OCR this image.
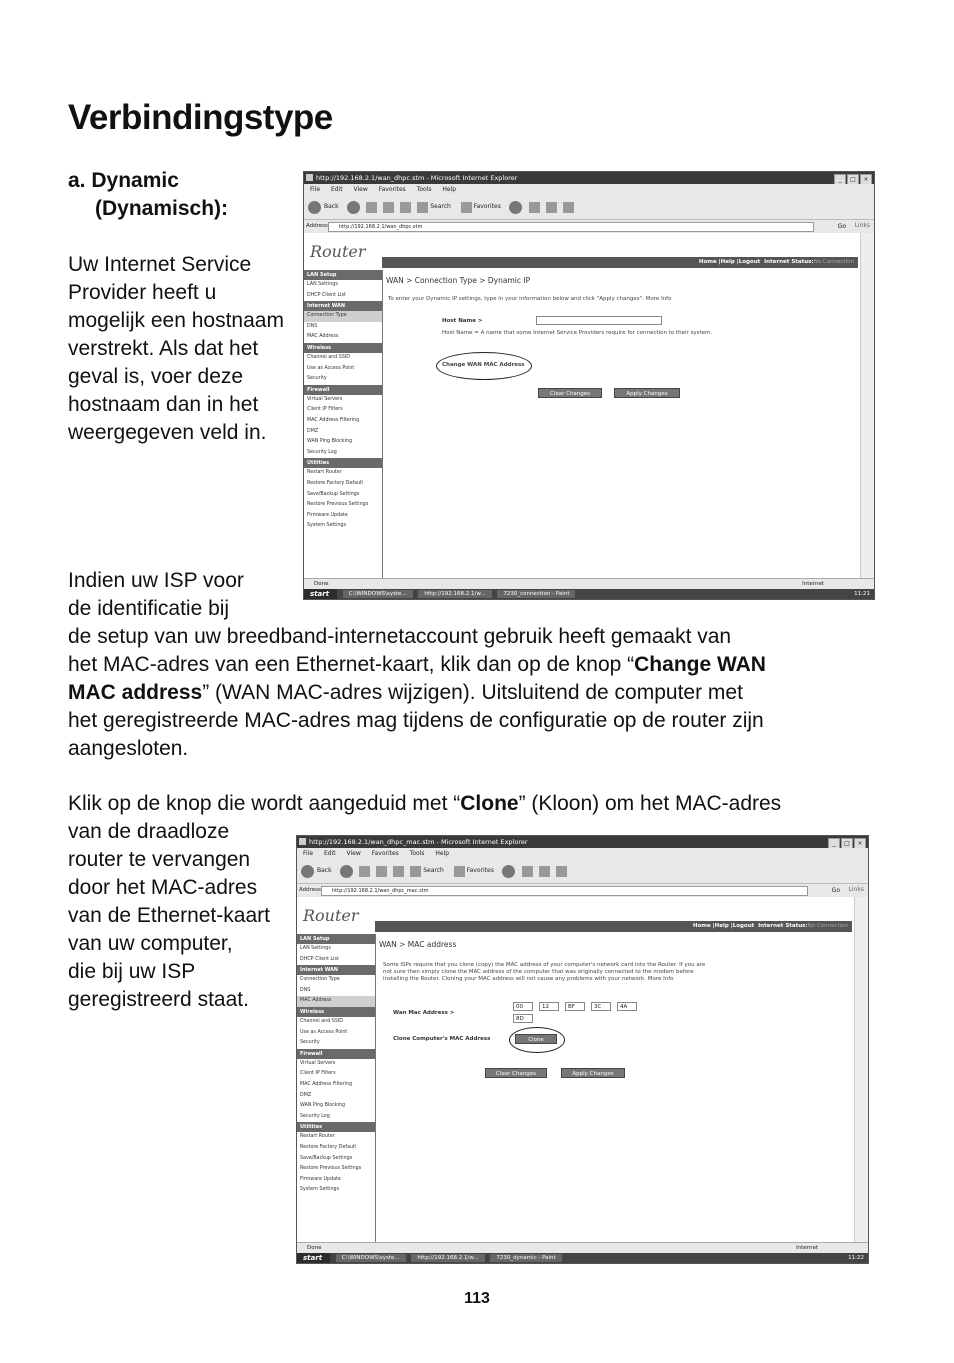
Verbindingstype
a. Dynamic
(Dynamisch):
Uw Internet Service
Provider heeft u
mogelijk een hostnaam
verstrekt. Als dat het
geval is, voer deze
hostnaam dan in het
weergegeven veld in.
Indien uw ISP voor
de identificatie bij
de setup van uw breedband-internetaccount gebruik heeft gemaakt van
het MAC-adres van een Ethernet-kaart, klik dan op de knop “Change WAN
MAC address” (WAN MAC-adres wijzigen). Uitsluitend de computer met
het geregistreerde MAC-adres mag tijdens de configuratie op de router zijn
aangesloten.
Klik op de knop die wordt aangeduid met “Clone” (Kloon) om het MAC-adres
van de draadloze
router te vervangen
door het MAC-adres
van de Ethernet-kaart
van uw computer,
die bij uw ISP
geregistreerd staat.
113
http://192.168.2.1/wan_dhpc.stm - Microsoft Internet Explorer	_ □ ×
File Edit View Favorites Tools Help
Back	Search	Favorites
Address	http://192.168.2.1/wan_dhpc.stm	Go Links
Router
Home |Help |Logout Internet Status:No Connection
LAN Setup
LAN Settings
DHCP Client List
Internet WAN
Connection Type
DNS
MAC Address
Wireless
Channel and SSID
Use as Access Point
Security
Firewall
Virtual Servers
Client IP Filters
MAC Address Filtering
DMZ
WAN Ping Blocking
Security Log
Utilities
Restart Router
Restore Factory Default
Save/Backup Settings
Restore Previous Settings
Firmware Update
System Settings
WAN > Connection Type > Dynamic IP
To enter your Dynamic IP settings, type in your information below and click "Apply changes". More Info
Host Name >
Host Name = A name that some Internet Service Providers require for connection to their system.
Change WAN MAC Address
Clear Changes	Apply Changes
Done	Internet
start	C:\WINDOWS\syste...	http://192.168.2.1/w...	7230_connection - Paint	11:21
http://192.168.2.1/wan_dhpc_mac.stm - Microsoft Internet Explorer	_ □ ×
File Edit View Favorites Tools Help
Back	Search	Favorites
Address	http://192.168.2.1/wan_dhpc_mac.stm	Go Links
Router
Home |Help |Logout Internet Status:No Connection
LAN Setup
LAN Settings
DHCP Client List
Internet WAN
Connection Type
DNS
MAC Address
Wireless
Channel and SSID
Use as Access Point
Security
Firewall
Virtual Servers
Client IP Filters
MAC Address Filtering
DMZ
WAN Ping Blocking
Security Log
Utilities
Restart Router
Restore Factory Default
Save/Backup Settings
Restore Previous Settings
Firmware Update
System Settings
WAN > MAC address
Some ISPs require that you clone (copy) the MAC address of your computer's network card into the Router. If you are not sure then simply clone the MAC address of the computer that was originally connected to the modem before installing the Router. Cloning your MAC address will not cause any problems with your network. More Info
Wan Mac Address >
00	12	BF	3C	4A
8D
Clone Computer's MAC Address	Clone
Clear Changes	Apply Changes
Done	Internet
start	C:\WINDOWS\syste...	http://192.168.2.1/w...	7230_dynamic - Paint	11:22
